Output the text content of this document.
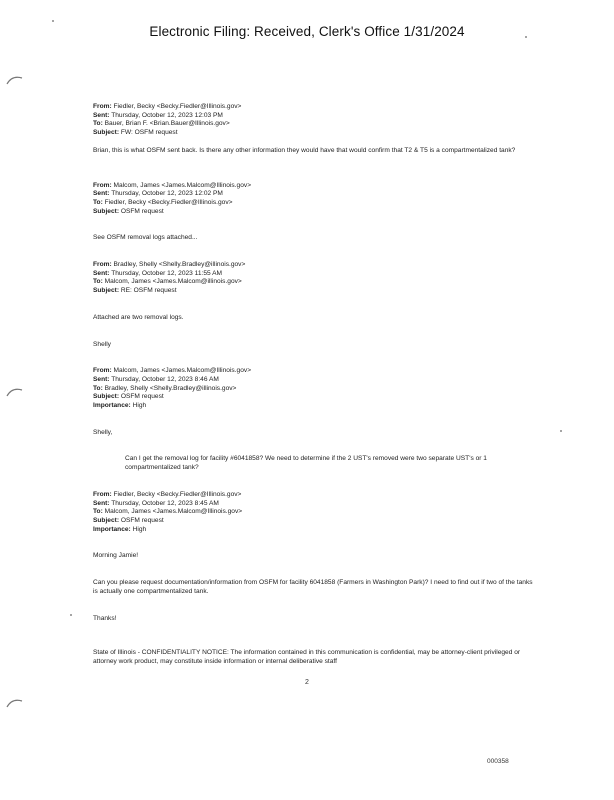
Electronic Filing: Received, Clerk's Office 1/31/2024
From: Fiedler, Becky <Becky.Fiedler@Illinois.gov>
Sent: Thursday, October 12, 2023 12:03 PM
To: Bauer, Brian F. <Brian.Bauer@Illinois.gov>
Subject: FW: OSFM request

Brian, this is what OSFM sent back. Is there any other information they would have that would confirm that T2 & T5 is a compartmentalized tank?

From: Malcom, James <James.Malcom@Illinois.gov>
Sent: Thursday, October 12, 2023 12:02 PM
To: Fiedler, Becky <Becky.Fiedler@Illinois.gov>
Subject: OSFM request

See OSFM removal logs attached...

From: Bradley, Shelly <Shelly.Bradley@illinois.gov>
Sent: Thursday, October 12, 2023 11:55 AM
To: Malcom, James <James.Malcom@illinois.gov>
Subject: RE: OSFM request

Attached are two removal logs.

Shelly

From: Malcom, James <James.Malcom@Illinois.gov>
Sent: Thursday, October 12, 2023 8:46 AM
To: Bradley, Shelly <Shelly.Bradley@illinois.gov>
Subject: OSFM request
Importance: High

Shelly,

Can I get the removal log for facility #6041858? We need to determine if the 2 UST's removed were two separate UST's or 1 compartmentalized tank?

From: Fiedler, Becky <Becky.Fiedler@Illinois.gov>
Sent: Thursday, October 12, 2023 8:45 AM
To: Malcom, James <James.Malcom@Illinois.gov>
Subject: OSFM request
Importance: High

Morning Jamie!

Can you please request documentation/information from OSFM for facility 6041858 (Farmers in Washington Park)? I need to find out if two of the tanks is actually one compartmentalized tank.

Thanks!

State of Illinois - CONFIDENTIALITY NOTICE: The information contained in this communication is confidential, may be attorney-client privileged or attorney work product, may constitute inside information or internal deliberative staff

2
000358
